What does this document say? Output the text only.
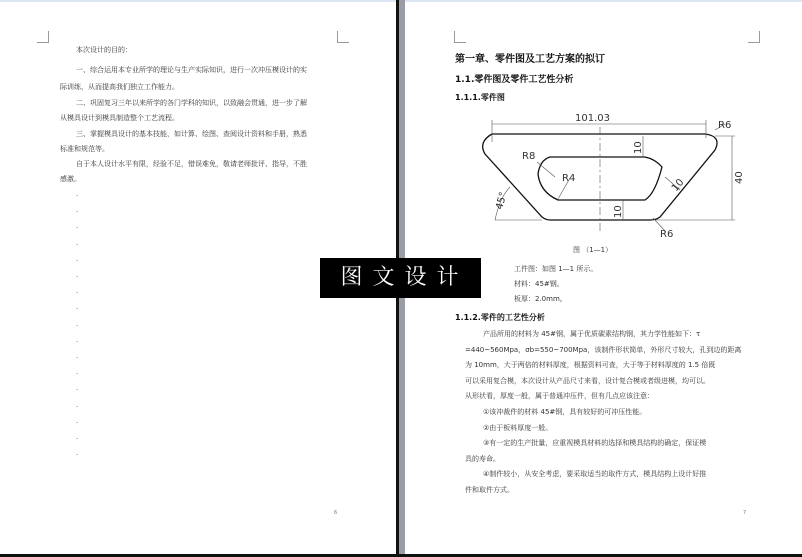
本次设计的目的：
一、综合运用本专业所学的理论与生产实际知识，进行一次冲压模设计的实
际训练，从而提高我们独立工作能力。
二、巩固复习三年以来所学的各门学科的知识，以致融会贯通，进一步了解
从模具设计到模具制造整个工艺流程。
三、掌握模具设计的基本技能，如计算、绘图、查阅设计资料和手册，熟悉
标准和规范等。
自于本人设计水平有限，经验不足，错误难免，敬请老师批评、指导，不胜
感激。
·
·
·
·
·
·
·
·
·
·
·
·
·
·
·
·
·
6
第一章、零件图及工艺方案的拟订
1.1.零件图及零件工艺性分析
1.1.1.零件图
101.03
R6
R8
R4
R6
40
10
10
10
45°
图 （1—1）
工件图：如图 1—1 所示。
材料：45#钢。
板厚：2.0mm。
1.1.2.零件的工艺性分析
产品所用的材料为 45#钢，属于优质碳素结构钢，其力学性能如下：τ
=440~560Mpa，σb=550~700Mpa，该制件形状简单，外形尺寸较大，孔到边的距离
为 10mm，大于两倍的材料厚度，根据资料可查，大于等于材料厚度的 1.5 倍既
可以采用复合模，本次设计从产品尺寸来看，设计复合模或者级进模，均可以。
从形状看，厚度一般，属于普通冲压件，但有几点应该注意：
①该冲裁件的材料 45#钢，具有较好的可冲压性能。
②由于板料厚度一般。
③有一定的生产批量，应重视模具材料的选择和模具结构的确定，保证模
具的寿命。
④制件较小，从安全考虑，要采取适当的取件方式，模具结构上设计好推
件和取件方式。
7
图文设计
